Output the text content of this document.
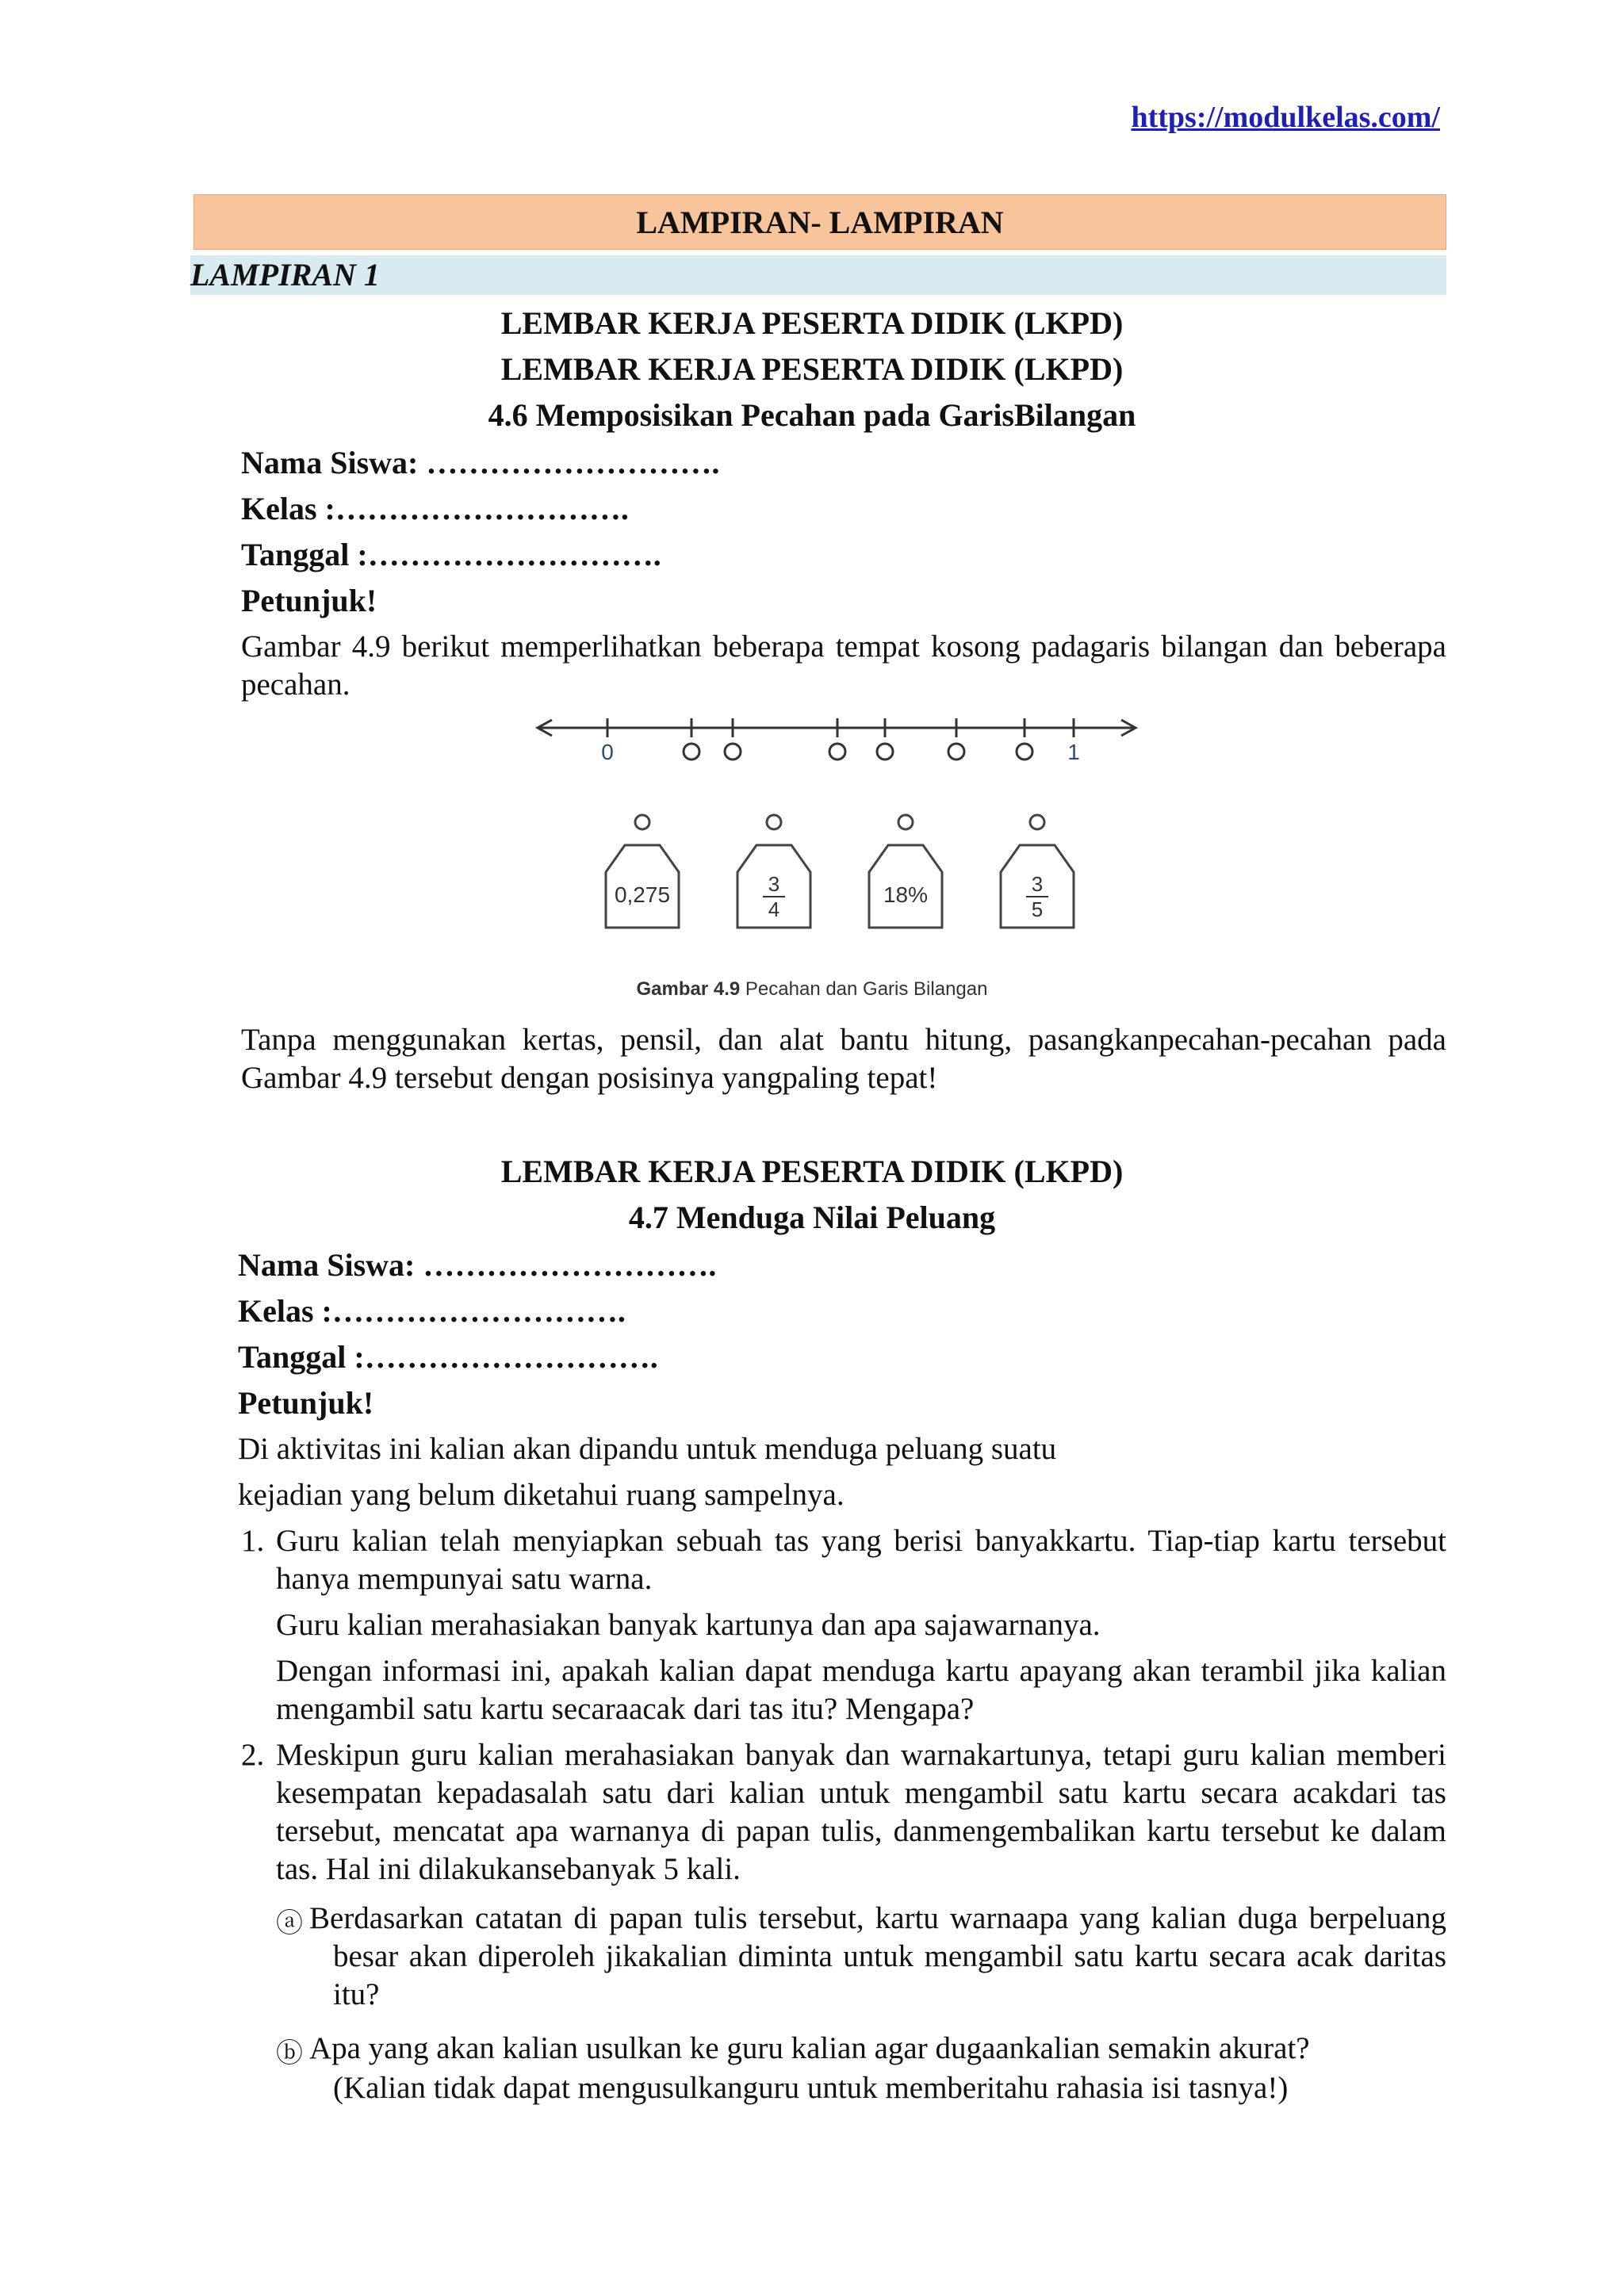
https://modulkelas.com/
LAMPIRAN- LAMPIRAN
LAMPIRAN 1
LEMBAR KERJA PESERTA DIDIK (LKPD)
LEMBAR KERJA PESERTA DIDIK (LKPD)
4.6 Memposisikan Pecahan pada GarisBilangan
Nama Siswa: ……………………….
Kelas :……………………….
Tanggal :……………………….
Petunjuk!
Gambar 4.9 berikut memperlihatkan beberapa tempat kosong padagaris bilangan dan beberapa pecahan.
0	1
0,275	3
4
18%	3
5
Gambar 4.9 Pecahan dan Garis Bilangan
Tanpa menggunakan kertas, pensil, dan alat bantu hitung, pasangkanpecahan-pecahan pada Gambar 4.9 tersebut dengan posisinya yangpaling tepat!
LEMBAR KERJA PESERTA DIDIK (LKPD)
4.7 Menduga Nilai Peluang
Nama Siswa: ……………………….
Kelas :……………………….
Tanggal :……………………….
Petunjuk!
Di aktivitas ini kalian akan dipandu untuk menduga peluang suatu
kejadian yang belum diketahui ruang sampelnya.
1. Guru kalian telah menyiapkan sebuah tas yang berisi banyakkartu. Tiap-tiap kartu tersebut hanya mempunyai satu warna.
Guru kalian merahasiakan banyak kartunya dan apa sajawarnanya.
Dengan informasi ini, apakah kalian dapat menduga kartu apayang akan terambil jika kalian mengambil satu kartu secaraacak dari tas itu? Mengapa?
2. Meskipun guru kalian merahasiakan banyak dan warnakartunya, tetapi guru kalian memberi kesempatan kepadasalah satu dari kalian untuk mengambil satu kartu secara acakdari tas tersebut, mencatat apa warnanya di papan tulis, danmengembalikan kartu tersebut ke dalam tas. Hal ini dilakukansebanyak 5 kali.
ⓐ Berdasarkan catatan di papan tulis tersebut, kartu warnaapa yang kalian duga berpeluang besar akan diperoleh jikakalian diminta untuk mengambil satu kartu secara acak daritas itu?
ⓑ Apa yang akan kalian usulkan ke guru kalian agar dugaankalian semakin akurat?
(Kalian tidak dapat mengusulkanguru untuk memberitahu rahasia isi tasnya!)
